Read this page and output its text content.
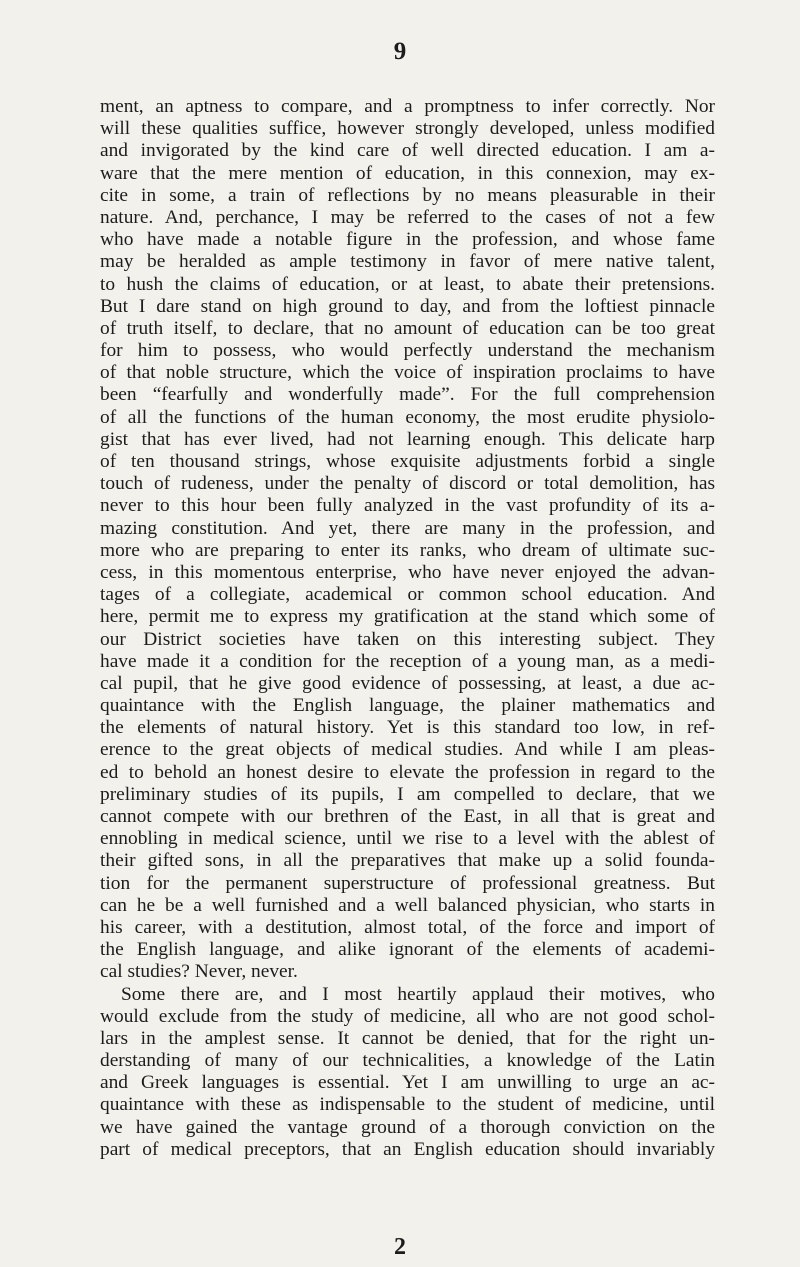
9
ment, an aptness to compare, and a promptness to infer correctly. Nor
will these qualities suffice, however strongly developed, unless modified
and invigorated by the kind care of well directed education. I am a-
ware that the mere mention of education, in this connexion, may ex-
cite in some, a train of reflections by no means pleasurable in their
nature. And, perchance, I may be referred to the cases of not a few
who have made a notable figure in the profession, and whose fame
may be heralded as ample testimony in favor of mere native talent,
to hush the claims of education, or at least, to abate their pretensions.
But I dare stand on high ground to day, and from the loftiest pinnacle
of truth itself, to declare, that no amount of education can be too great
for him to possess, who would perfectly understand the mechanism
of that noble structure, which the voice of inspiration proclaims to have
been “fearfully and wonderfully made”. For the full comprehension
of all the functions of the human economy, the most erudite physiolo-
gist that has ever lived, had not learning enough. This delicate harp
of ten thousand strings, whose exquisite adjustments forbid a single
touch of rudeness, under the penalty of discord or total demolition, has
never to this hour been fully analyzed in the vast profundity of its a-
mazing constitution. And yet, there are many in the profession, and
more who are preparing to enter its ranks, who dream of ultimate suc-
cess, in this momentous enterprise, who have never enjoyed the advan-
tages of a collegiate, academical or common school education. And
here, permit me to express my gratification at the stand which some of
our District societies have taken on this interesting subject. They
have made it a condition for the reception of a young man, as a medi-
cal pupil, that he give good evidence of possessing, at least, a due ac-
quaintance with the English language, the plainer mathematics and
the elements of natural history. Yet is this standard too low, in ref-
erence to the great objects of medical studies. And while I am pleas-
ed to behold an honest desire to elevate the profession in regard to the
preliminary studies of its pupils, I am compelled to declare, that we
cannot compete with our brethren of the East, in all that is great and
ennobling in medical science, until we rise to a level with the ablest of
their gifted sons, in all the preparatives that make up a solid founda-
tion for the permanent superstructure of professional greatness. But
can he be a well furnished and a well balanced physician, who starts in
his career, with a destitution, almost total, of the force and import of
the English language, and alike ignorant of the elements of academi-
cal studies? Never, never.
Some there are, and I most heartily applaud their motives, who
would exclude from the study of medicine, all who are not good schol-
lars in the amplest sense. It cannot be denied, that for the right un-
derstanding of many of our technicalities, a knowledge of the Latin
and Greek languages is essential. Yet I am unwilling to urge an ac-
quaintance with these as indispensable to the student of medicine, until
we have gained the vantage ground of a thorough conviction on the
part of medical preceptors, that an English education should invariably
2
